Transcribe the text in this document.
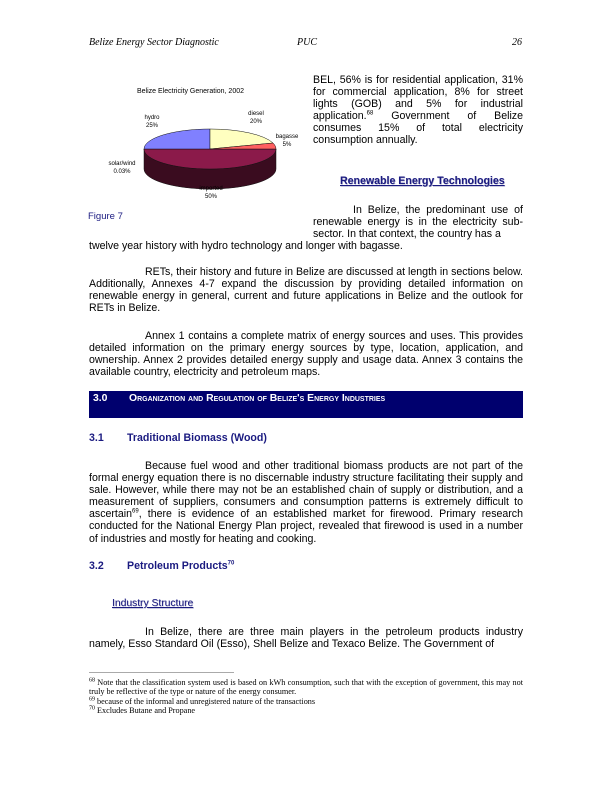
Belize Energy Sector Diagnostic	PUC	26
Belize Electricity Generation, 2002
hydro
25%
diesel
20%
bagasse
5%
solar/wind
0.03%
imported
50%
Figure 7
BEL, 56% is for residential application, 31% for commercial application, 8% for street lights (GOB) and 5% for industrial application.$^{68}$ Government of Belize consumes 15% of total electricity consumption annually.
Renewable Energy Technologies
In Belize, the predominant use of renewable energy is in the electricity sub-sector. In that context, the country has a
twelve year history with hydro technology and longer with bagasse.
RETs, their history and future in Belize are discussed at length in sections below. Additionally, Annexes 4-7 expand the discussion by providing detailed information on renewable energy in general, current and future applications in Belize and the outlook for RETs in Belize.
Annex 1 contains a complete matrix of energy sources and uses. This provides detailed information on the primary energy sources by type, location, application, and ownership. Annex 2 provides detailed energy supply and usage data. Annex 3 contains the available country, electricity and petroleum maps.
3.0 Organization and Regulation of Belize's Energy Industries
3.1 Traditional Biomass (Wood)
Because fuel wood and other traditional biomass products are not part of the formal energy equation there is no discernable industry structure facilitating their supply and sale. However, while there may not be an established chain of supply or distribution, and a measurement of suppliers, consumers and consumption patterns is extremely difficult to ascertain$^{69}$, there is evidence of an established market for firewood. Primary research conducted for the National Energy Plan project, revealed that firewood is used in a number of industries and mostly for heating and cooking.
3.2 Petroleum Products$^{70}$
Industry Structure
In Belize, there are three main players in the petroleum products industry namely, Esso Standard Oil (Esso), Shell Belize and Texaco Belize. The Government of
$^{68}$ Note that the classification system used is based on kWh consumption, such that with the exception of government, this may not truly be reflective of the type or nature of the energy consumer.
$^{69}$ because of the informal and unregistered nature of the transactions
$^{70}$ Excludes Butane and Propane
